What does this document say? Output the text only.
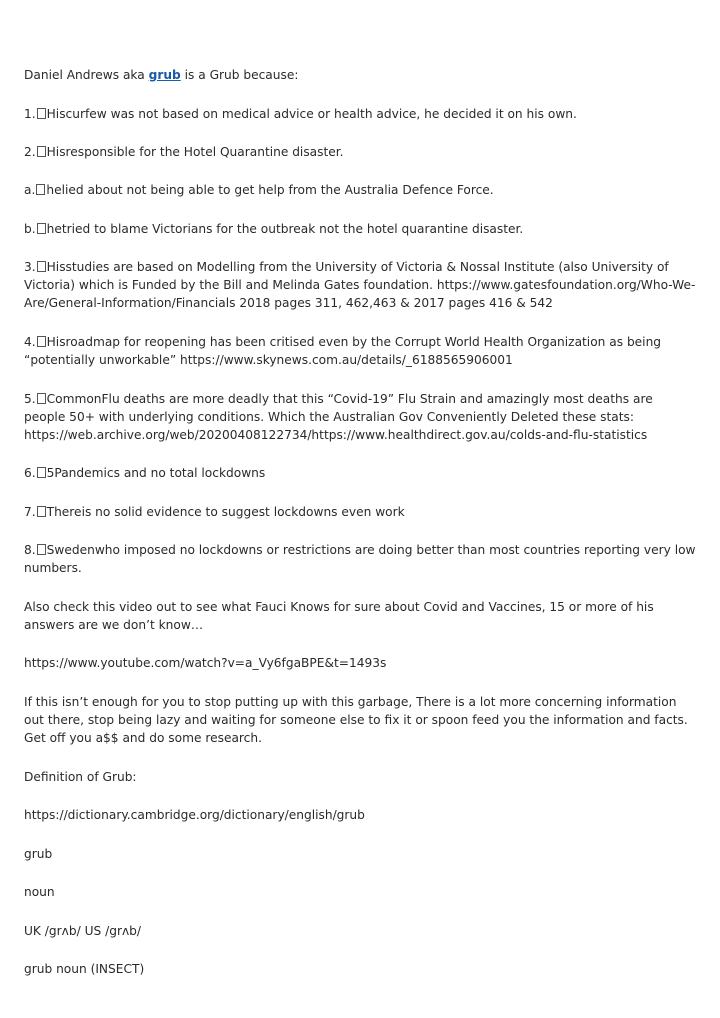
Daniel Andrews aka grub is a Grub because:

1. Hiscurfew was not based on medical advice or health advice, he decided it on his own.

2. Hisresponsible for the Hotel Quarantine disaster.

a. helied about not being able to get help from the Australia Defence Force.

b. hetried to blame Victorians for the outbreak not the hotel quarantine disaster.

3. Hisstudies are based on Modelling from the University of Victoria & Nossal Institute (also University of Victoria) which is Funded by the Bill and Melinda Gates foundation. https://www.gatesfoundation.org/Who-We-Are/General-Information/Financials 2018 pages 311, 462,463 & 2017 pages 416 & 542

4. Hisroadmap for reopening has been critised even by the Corrupt World Health Organization as being “potentially unworkable” https://www.skynews.com.au/details/_6188565906001

5. CommonFlu deaths are more deadly that this “Covid-19” Flu Strain and amazingly most deaths are people 50+ with underlying conditions. Which the Australian Gov Conveniently Deleted these stats: https://web.archive.org/web/20200408122734/https://www.healthdirect.gov.au/colds-and-flu-statistics

6. 5Pandemics and no total lockdowns

7. Thereis no solid evidence to suggest lockdowns even work

8. Swedenwho imposed no lockdowns or restrictions are doing better than most countries reporting very low numbers.

Also check this video out to see what Fauci Knows for sure about Covid and Vaccines, 15 or more of his answers are we don’t know…

https://www.youtube.com/watch?v=a_Vy6fgaBPE&t=1493s

If this isn’t enough for you to stop putting up with this garbage, There is a lot more concerning information out there, stop being lazy and waiting for someone else to fix it or spoon feed you the information and facts. Get off you a$$ and do some research.

Definition of Grub:

https://dictionary.cambridge.org/dictionary/english/grub

grub

noun

UK /grʌb/ US /grʌb/

grub noun (INSECT)
